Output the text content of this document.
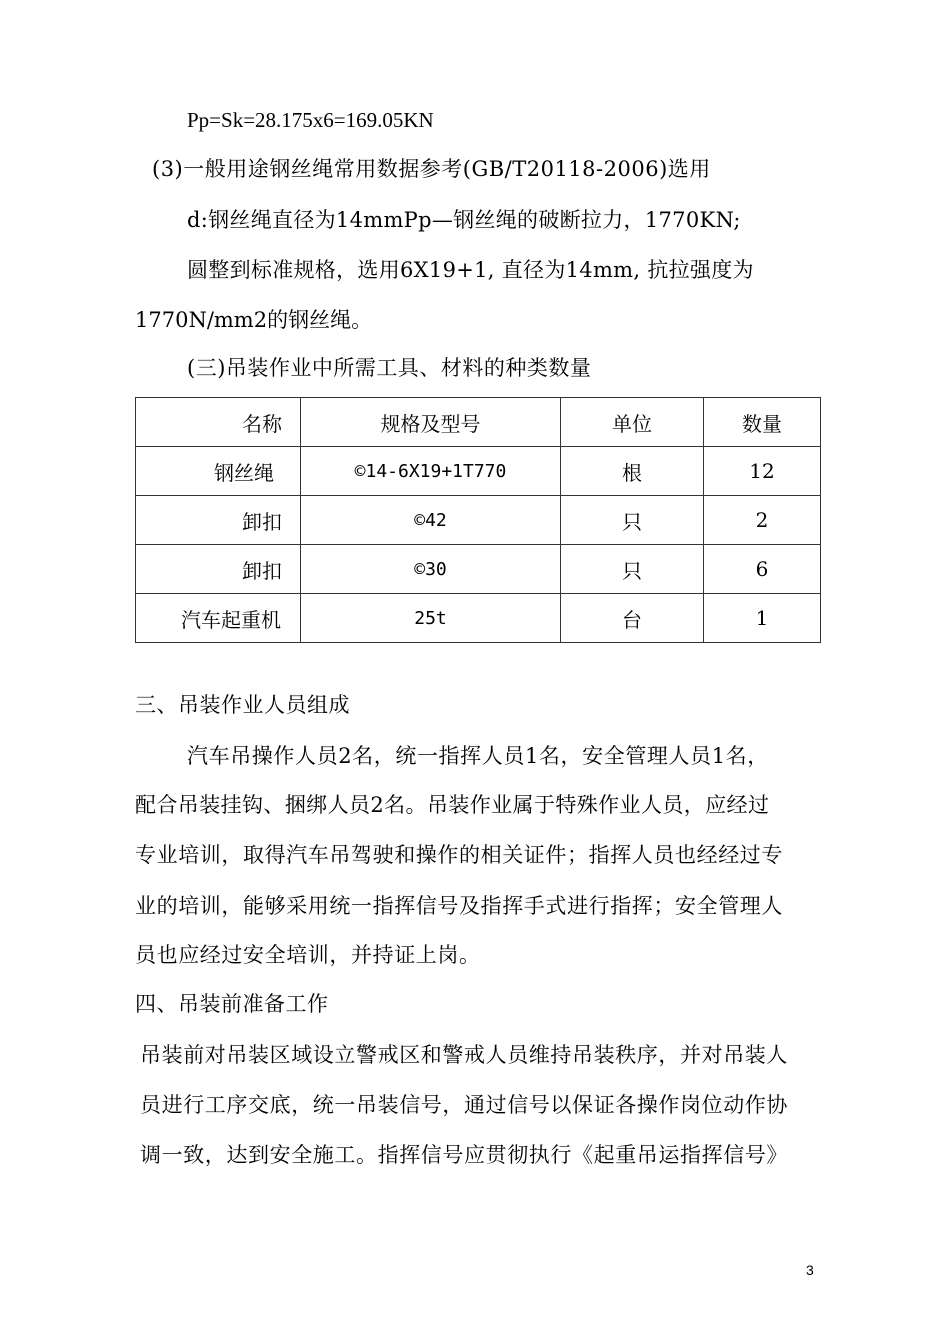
Pp=Sk=28.175x6=169.05KN
(3)一般用途钢丝绳常用数据参考(GB/T20118-2006)选用
d:钢丝绳直径为14mmPp—钢丝绳的破断拉力，1770KN;
圆整到标准规格，选用6X19+1, 直径为14mm, 抗拉强度为
1770N/mm2的钢丝绳。
(三)吊装作业中所需工具、材料的种类数量
名称	规格及型号	单位	数量
钢丝绳	©14-6X19+1T770	根	12
卸扣	©42	只	2
卸扣	©30	只	6
汽车起重机	25t	台	1
三、吊装作业人员组成
汽车吊操作人员2名，统一指挥人员1名，安全管理人员1名，
配合吊装挂钩、捆绑人员2名。吊装作业属于特殊作业人员，应经过
专业培训，取得汽车吊驾驶和操作的相关证件；指挥人员也经经过专
业的培训，能够采用统一指挥信号及指挥手式进行指挥；安全管理人
员也应经过安全培训，并持证上岗。
四、吊装前准备工作
吊装前对吊装区域设立警戒区和警戒人员维持吊装秩序，并对吊装人
员进行工序交底，统一吊装信号，通过信号以保证各操作岗位动作协
调一致，达到安全施工。指挥信号应贯彻执行《起重吊运指挥信号》
3
